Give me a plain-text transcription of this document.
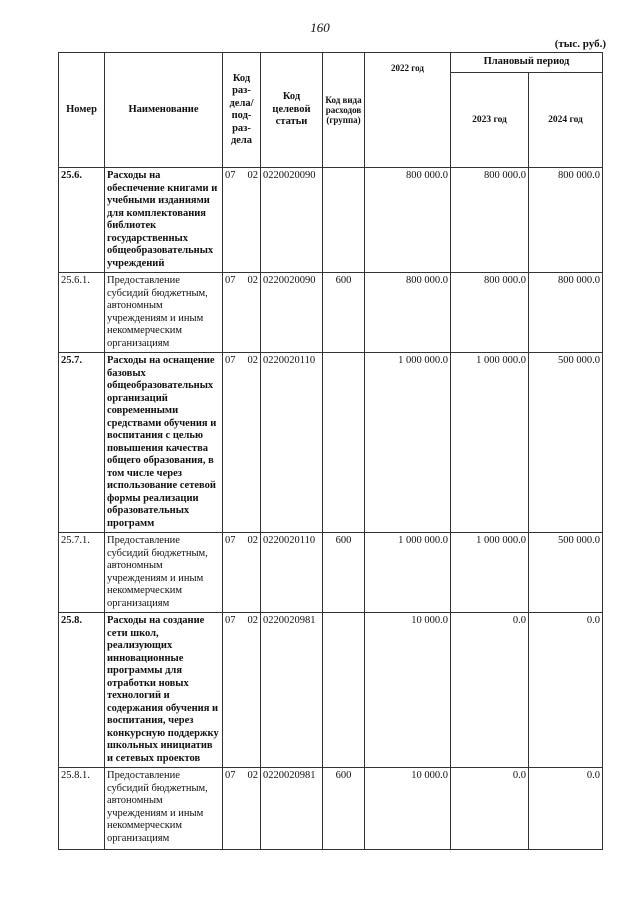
160
(тыс. руб.)
Номер	Наименование	Код раз- дела/ под- раз- дела	Код целевой статьи	Код вида расходов (группа)	2022 год	Плановый период	
						2023 год	2024 год
25.6.	Расходы на обеспечение книгами и учебными изданиями для комплектования библиотек государственных общеобразовательных учреждений	07 02	0220020090		800 000.0	800 000.0	800 000.0
25.6.1.	Предоставление субсидий бюджетным, автономным учреждениям и иным некоммерческим организациям	07 02	0220020090	600	800 000.0	800 000.0	800 000.0
25.7.	Расходы на оснащение базовых общеобразовательных организаций современными средствами обучения и воспитания с целью повышения качества общего образования, в том числе через использование сетевой формы реализации образовательных программ	07 02	0220020110		1 000 000.0	1 000 000.0	500 000.0
25.7.1.	Предоставление субсидий бюджетным, автономным учреждениям и иным некоммерческим организациям	07 02	0220020110	600	1 000 000.0	1 000 000.0	500 000.0
25.8.	Расходы на создание сети школ, реализующих инновационные программы для отработки новых технологий и содержания обучения и воспитания, через конкурсную поддержку школьных инициатив и сетевых проектов	07 02	0220020981		10 000.0	0.0	0.0
25.8.1.	Предоставление субсидий бюджетным, автономным учреждениям и иным некоммерческим организациям	07 02	0220020981	600	10 000.0	0.0	0.0
